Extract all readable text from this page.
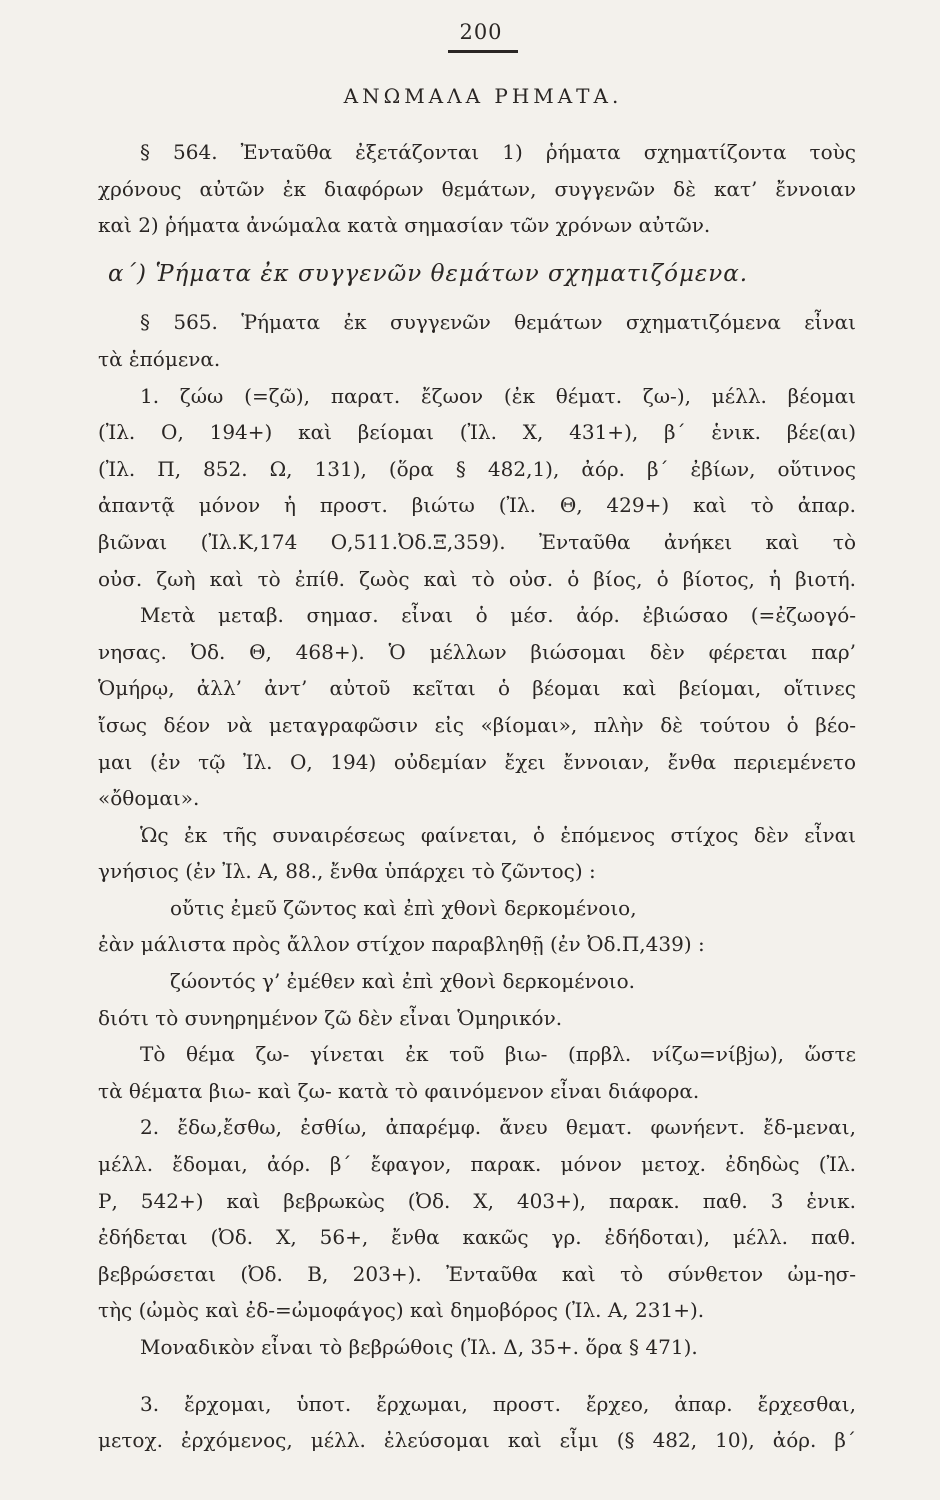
200
ΑΝΩΜΑΛΑ ΡΗΜΑΤΑ.
§ 564. Ἐνταῦθα ἐξετάζονται 1) ῥήματα σχηματίζοντα τοὺς
χρόνους αὐτῶν ἐκ διαφόρων θεμάτων, συγγενῶν δὲ κατ’ ἔννοιαν
καὶ 2) ῥήματα ἀνώμαλα κατὰ σημασίαν τῶν χρόνων αὐτῶν.
α´) Ῥήματα ἐκ συγγενῶν θεμάτων σχηματιζόμενα.
§ 565. Ῥήματα ἐκ συγγενῶν θεμάτων σχηματιζόμενα εἶναι
τὰ ἑπόμενα.
1. ζώω (=ζῶ), παρατ. ἔζωον (ἐκ θέματ. ζω-), μέλλ. βέομαι
(Ἰλ. Ο, 194+) καὶ βείομαι (Ἰλ. Χ, 431+), β´ ἑνικ. βέε(αι)
(Ἰλ. Π, 852. Ω, 131), (ὅρα § 482,1), ἀόρ. β´ ἐβίων, οὕτινος
ἀπαντᾷ μόνον ἡ προστ. βιώτω (Ἰλ. Θ, 429+) καὶ τὸ ἀπαρ.
βιῶναι (Ἰλ.Κ,174 Ο,511.Ὀδ.Ξ,359). Ἐνταῦθα ἀνήκει καὶ τὸ
οὐσ. ζωὴ καὶ τὸ ἐπίθ. ζωὸς καὶ τὸ οὐσ. ὁ βίος, ὁ βίοτος, ἡ βιοτή.
Μετὰ μεταβ. σημασ. εἶναι ὁ μέσ. ἀόρ. ἐβιώσαο (=ἐζωογό-
νησας. Ὀδ. Θ, 468+). Ὁ μέλλων βιώσομαι δὲν φέρεται παρ’
Ὁμήρῳ, ἀλλ’ ἀντ’ αὐτοῦ κεῖται ὁ βέομαι καὶ βείομαι, οἵτινες
ἴσως δέον νὰ μεταγραφῶσιν εἰς «βίομαι», πλὴν δὲ τούτου ὁ βέο-
μαι (ἐν τῷ Ἰλ. Ο, 194) οὐδεμίαν ἔχει ἔννοιαν, ἔνθα περιεμένετο
«ὄθομαι».
Ὡς ἐκ τῆς συναιρέσεως φαίνεται, ὁ ἑπόμενος στίχος δὲν εἶναι
γνήσιος (ἐν Ἰλ. Α, 88., ἔνθα ὑπάρχει τὸ ζῶντος) :
οὔτις ἐμεῦ ζῶντος καὶ ἐπὶ χθονὶ δερκομένοιο,
ἐὰν μάλιστα πρὸς ἄλλον στίχον παραβληθῇ (ἐν Ὀδ.Π,439) :
ζώοντός γ’ ἐμέθεν καὶ ἐπὶ χθονὶ δερκομένοιο.
διότι τὸ συνηρημένον ζῶ δὲν εἶναι Ὁμηρικόν.
Τὸ θέμα ζω- γίνεται ἐκ τοῦ βιω- (πρβλ. νίζω=νίβjω), ὥστε
τὰ θέματα βιω- καὶ ζω- κατὰ τὸ φαινόμενον εἶναι διάφορα.
2. ἔδω,ἔσθω, ἐσθίω, ἀπαρέμφ. ἄνευ θεματ. φωνήεντ. ἔδ-μεναι,
μέλλ. ἔδομαι, ἀόρ. β´ ἔφαγον, παρακ. μόνον μετοχ. ἐδηδὼς (Ἰλ.
Ρ, 542+) καὶ βεβρωκὼς (Ὀδ. Χ, 403+), παρακ. παθ. 3 ἑνικ.
ἐδήδεται (Ὀδ. Χ, 56+, ἔνθα κακῶς γρ. ἐδήδοται), μέλλ. παθ.
βεβρώσεται (Ὀδ. Β, 203+). Ἐνταῦθα καὶ τὸ σύνθετον ὠμ-ησ-
τὴς (ὠμὸς καὶ ἐδ-=ὠμοφάγος) καὶ δημοβόρος (Ἰλ. Α, 231+).
Μοναδικὸν εἶναι τὸ βεβρώθοις (Ἰλ. Δ, 35+. ὅρα § 471).
3. ἔρχομαι, ὑποτ. ἔρχωμαι, προστ. ἔρχεο, ἀπαρ. ἔρχεσθαι,
μετοχ. ἐρχόμενος, μέλλ. ἐλεύσομαι καὶ εἶμι (§ 482, 10), ἀόρ. β´
